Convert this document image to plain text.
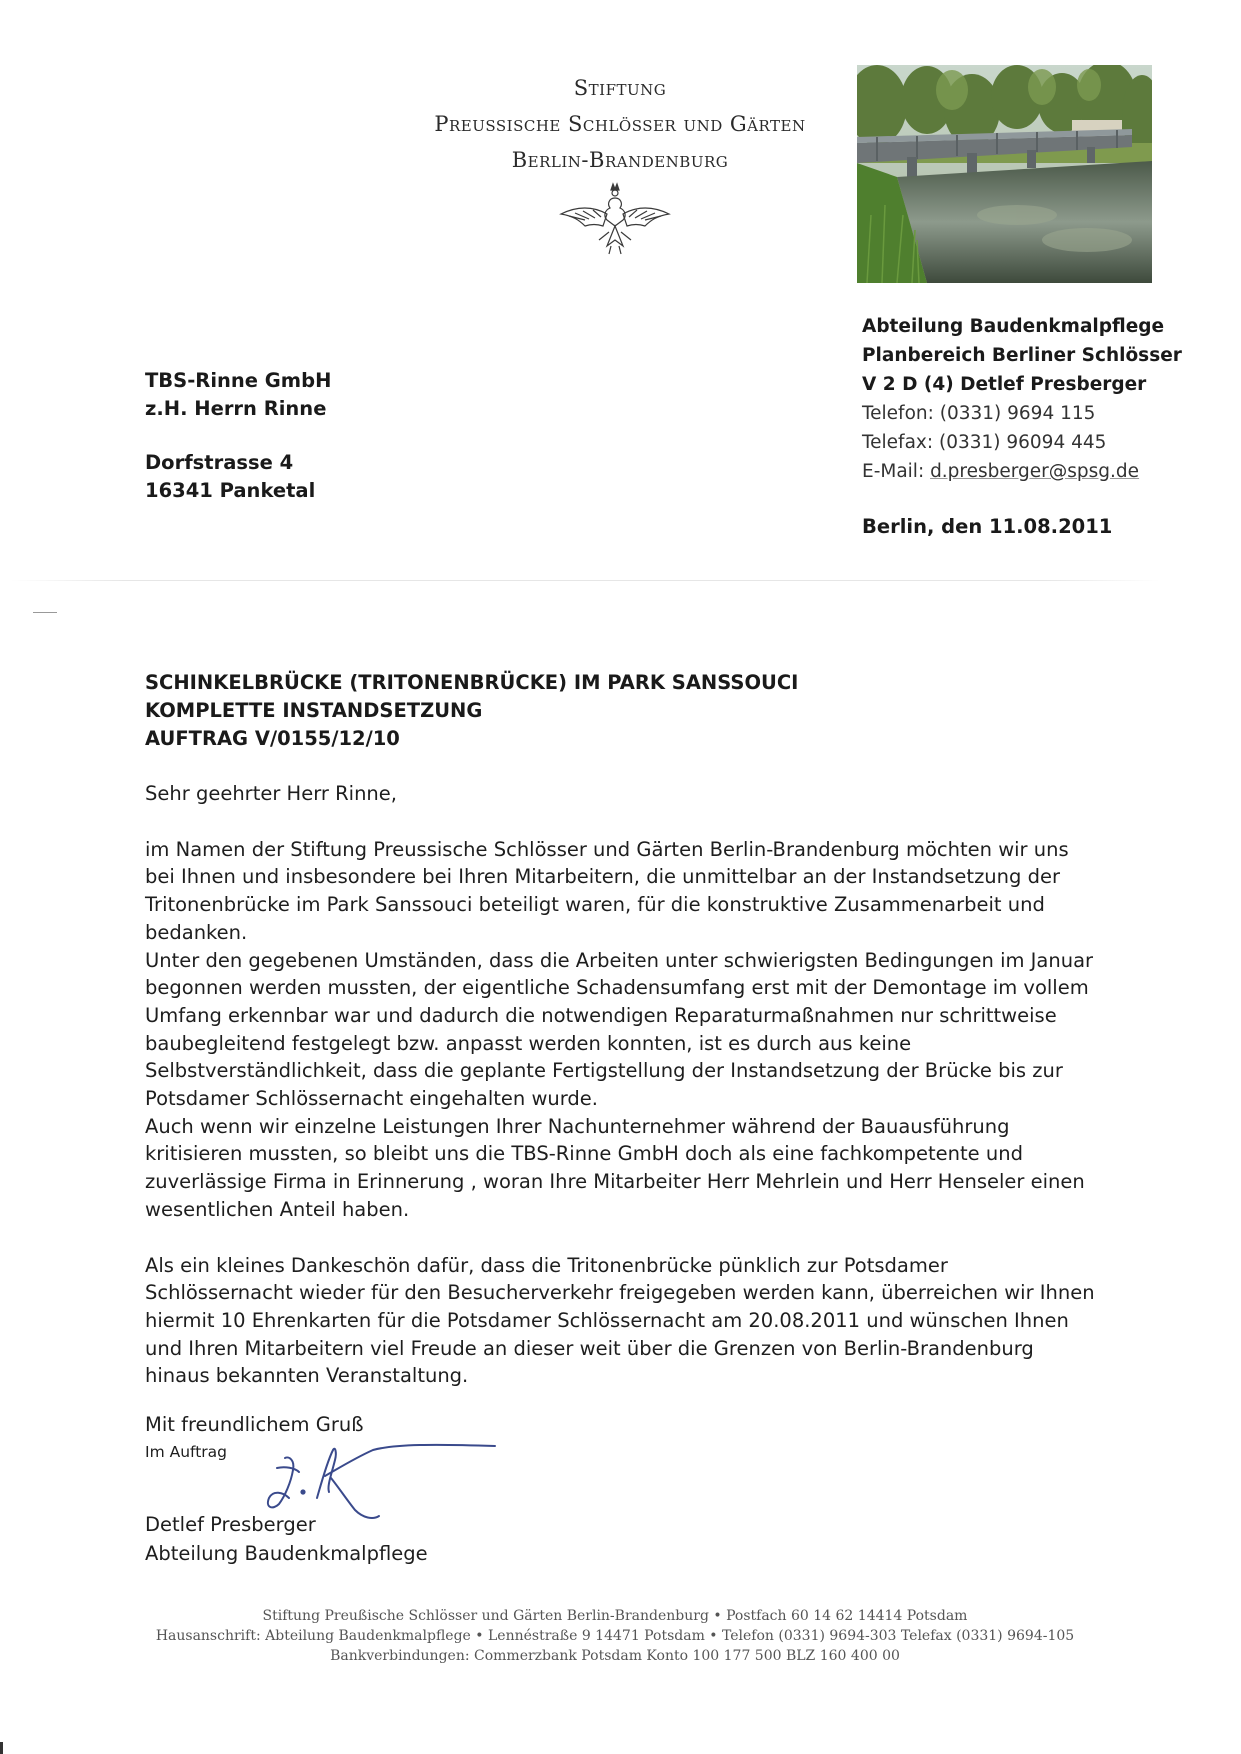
Stiftung
Preussische Schlösser und Gärten
Berlin-Brandenburg
Abteilung Baudenkmalpflege
Planbereich Berliner Schlösser
V 2 D (4) Detlef Presberger
Telefon: (0331) 9694 115
Telefax: (0331) 96094 445
E-Mail: d.presberger@spsg.de
TBS-Rinne GmbH
z.H. Herrn Rinne
Dorfstrasse 4
16341 Panketal
Berlin, den 11.08.2011
SCHINKELBRÜCKE (TRITONENBRÜCKE) IM PARK SANSSOUCI
KOMPLETTE INSTANDSETZUNG
AUFTRAG V/0155/12/10

Sehr geehrter Herr Rinne,

im Namen der Stiftung Preussische Schlösser und Gärten Berlin-Brandenburg möchten wir uns bei Ihnen und insbesondere bei Ihren Mitarbeitern, die unmittelbar an der Instandsetzung der Tritonenbrücke im Park Sanssouci beteiligt waren, für die konstruktive Zusammenarbeit und bedanken.

Unter den gegebenen Umständen, dass die Arbeiten unter schwierigsten Bedingungen im Januar begonnen werden mussten, der eigentliche Schadensumfang erst mit der Demontage im vollem Umfang erkennbar war und dadurch die notwendigen Reparaturmaßnahmen nur schrittweise baubegleitend festgelegt bzw. anpasst werden konnten, ist es durch aus keine Selbstverständlichkeit, dass die geplante Fertigstellung der Instandsetzung der Brücke bis zur Potsdamer Schlössernacht eingehalten wurde.

Auch wenn wir einzelne Leistungen Ihrer Nachunternehmer während der Bauausführung kritisieren mussten, so bleibt uns die TBS-Rinne GmbH doch als eine fachkompetente und zuverlässige Firma in Erinnerung , woran Ihre Mitarbeiter Herr Mehrlein und Herr Henseler einen wesentlichen Anteil haben.

Als ein kleines Dankeschön dafür, dass die Tritonenbrücke pünklich zur Potsdamer Schlössernacht wieder für den Besucherverkehr freigegeben werden kann, überreichen wir Ihnen hiermit 10 Ehrenkarten für die Potsdamer Schlössernacht am 20.08.2011 und wünschen Ihnen und Ihren Mitarbeitern viel Freude an dieser weit über die Grenzen von Berlin-Brandenburg hinaus bekannten Veranstaltung.

Mit freundlichem Gruß
Im Auftrag
Detlef Presberger
Abteilung Baudenkmalpflege
Stiftung Preußische Schlösser und Gärten Berlin-Brandenburg • Postfach 60 14 62 14414 Potsdam
Hausanschrift: Abteilung Baudenkmalpflege • Lennéstraße 9 14471 Potsdam • Telefon (0331) 9694-303 Telefax (0331) 9694-105
Bankverbindungen: Commerzbank Potsdam Konto 100 177 500 BLZ 160 400 00
